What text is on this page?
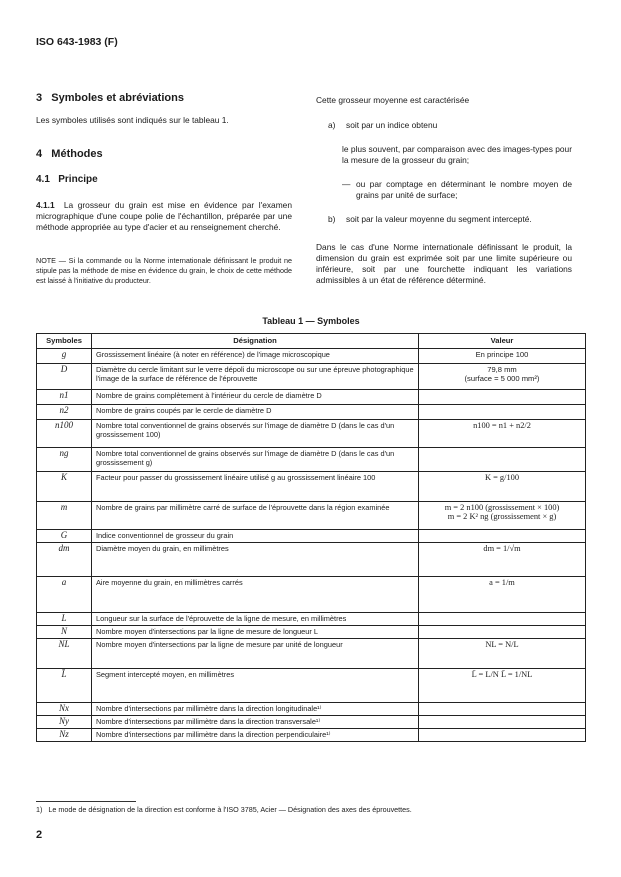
ISO 643-1983 (F)
3 Symboles et abréviations
Les symboles utilisés sont indiqués sur le tableau 1.
4 Méthodes
4.1 Principe
4.1.1 La grosseur du grain est mise en évidence par l'examen micrographique d'une coupe polie de l'échantillon, préparée par une méthode appropriée au type d'acier et au renseignement cherché.
NOTE — Si la commande ou la Norme internationale définissant le produit ne stipule pas la méthode de mise en évidence du grain, le choix de cette méthode est laissé à l'initiative du producteur.
Cette grosseur moyenne est caractérisée
a) soit par un indice obtenu
le plus souvent, par comparaison avec des images-types pour la mesure de la grosseur du grain;
— ou par comptage en déterminant le nombre moyen de grains par unité de surface;
b) soit par la valeur moyenne du segment intercepté.
Dans le cas d'une Norme internationale définissant le produit, la dimension du grain est exprimée soit par une limite supérieure ou inférieure, soit par une fourchette indiquant les variations admissibles à un état de référence déterminé.
Tableau 1 — Symboles
Symboles	Désignation	Valeur
g	Grossissement linéaire (à noter en référence) de l'image microscopique	En principe 100
D	Diamètre du cercle limitant sur le verre dépoli du microscope ou sur une épreuve photographique l'image de la surface de référence de l'éprouvette	79,8 mm
(surface = 5 000 mm²)

n1	Nombre de grains complètement à l'intérieur du cercle de diamètre D	
n2	Nombre de grains coupés par le cercle de diamètre D	
n100	Nombre total conventionnel de grains observés sur l'image de diamètre D (dans le cas d'un grossissement 100)	n100 = n1 + n2/2
ng	Nombre total conventionnel de grains observés sur l'image de diamètre D (dans le cas d'un grossissement g)	
K	Facteur pour passer du grossissement linéaire utilisé g au grossissement linéaire 100	K = g/100
m	Nombre de grains par millimètre carré de surface de l'éprouvette dans la région examinée	m = 2 n100 (grossissement × 100)
m = 2 K² ng (grossissement × g)

G	Indice conventionnel de grosseur du grain	
dm	Diamètre moyen du grain, en millimètres	dm = 1/√m
a	Aire moyenne du grain, en millimètres carrés	a = 1/m
L	Longueur sur la surface de l'éprouvette de la ligne de mesure, en millimètres	
$\overline{N}$	Nombre moyen d'intersections par la ligne de mesure de longueur L	
$\overline{NL}$	Nombre moyen d'intersections par la ligne de mesure par unité de longueur	NL = N/L
L̄	Segment intercepté moyen, en millimètres	L̄ = L/N L̄ = 1/NL
Nx	Nombre d'intersections par millimètre dans la direction longitudinale¹⁾	
Ny	Nombre d'intersections par millimètre dans la direction transversale¹⁾	
Nz	Nombre d'intersections par millimètre dans la direction perpendiculaire¹⁾	
1) Le mode de désignation de la direction est conforme à l'ISO 3785, Acier — Désignation des axes des éprouvettes.
2
